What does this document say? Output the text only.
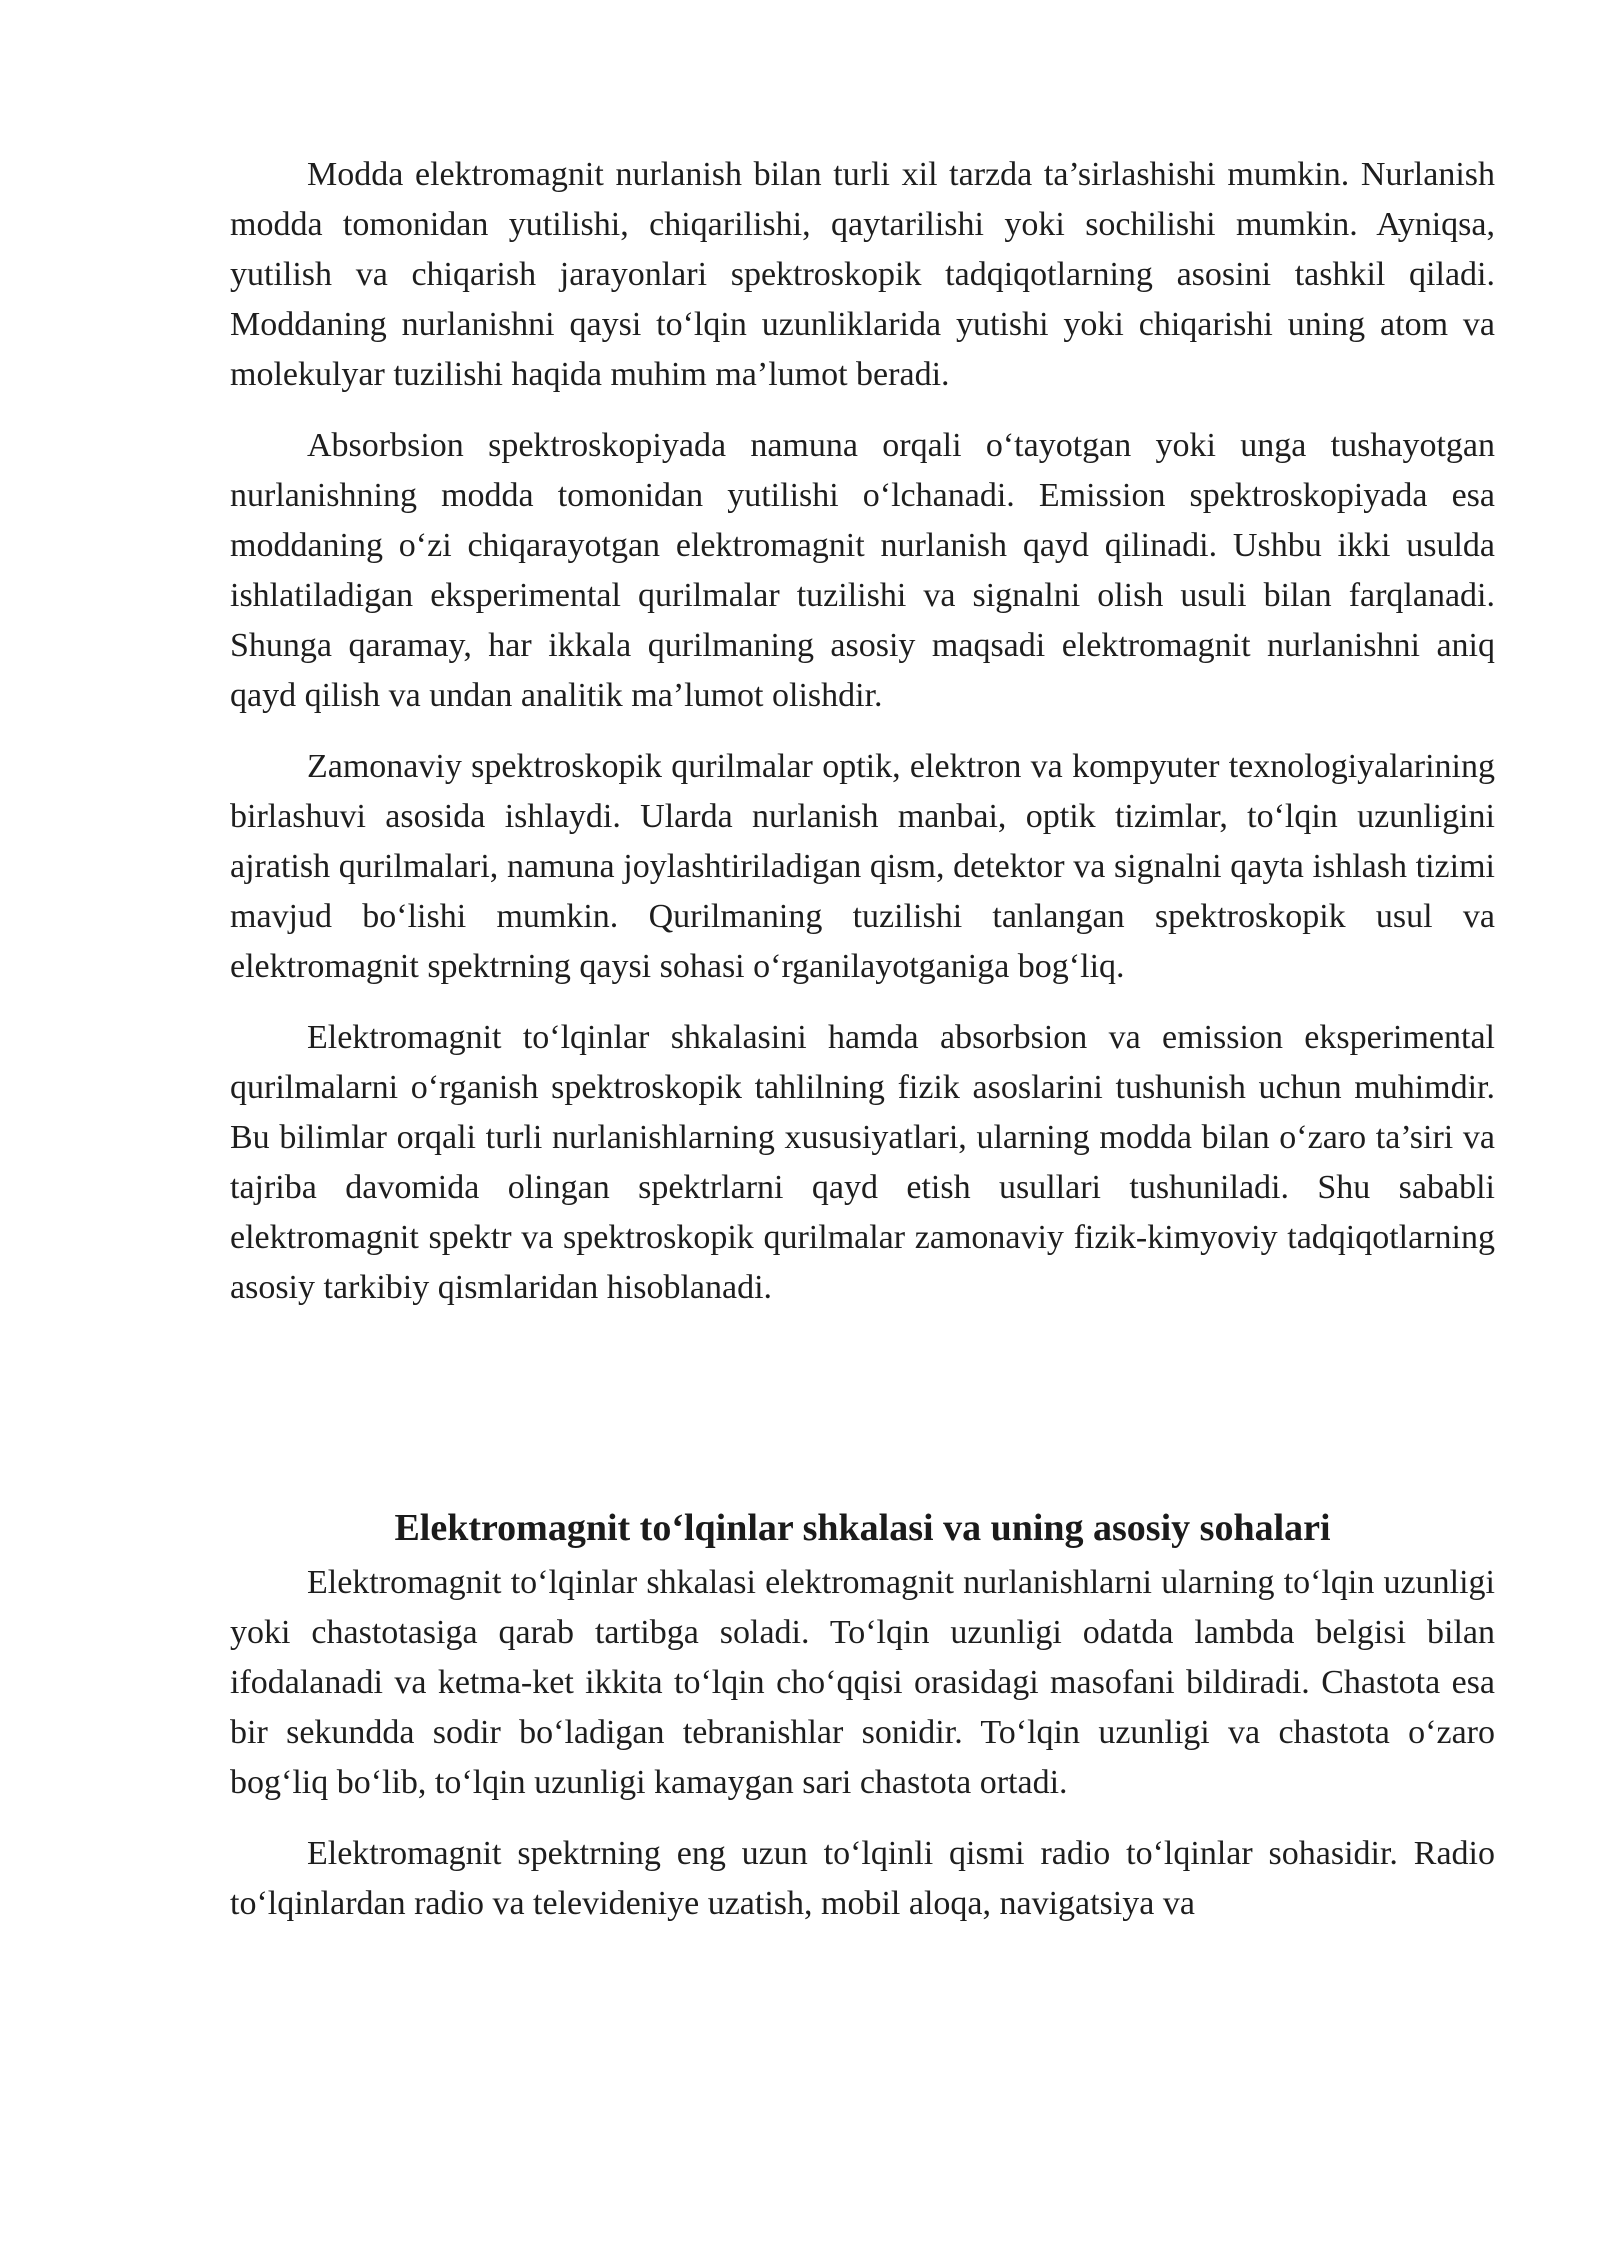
Modda elektromagnit nurlanish bilan turli xil tarzda ta’sirlashishi mumkin. Nurlanish modda tomonidan yutilishi, chiqarilishi, qaytarilishi yoki sochilishi mumkin. Ayniqsa, yutilish va chiqarish jarayonlari spektroskopik tadqiqotlarning asosini tashkil qiladi. Moddaning nurlanishni qaysi to‘lqin uzunliklarida yutishi yoki chiqarishi uning atom va molekulyar tuzilishi haqida muhim ma’lumot beradi.

Absorbsion spektroskopiyada namuna orqali o‘tayotgan yoki unga tushayotgan nurlanishning modda tomonidan yutilishi o‘lchanadi. Emission spektroskopiyada esa moddaning o‘zi chiqarayotgan elektromagnit nurlanish qayd qilinadi. Ushbu ikki usulda ishlatiladigan eksperimental qurilmalar tuzilishi va signalni olish usuli bilan farqlanadi. Shunga qaramay, har ikkala qurilmaning asosiy maqsadi elektromagnit nurlanishni aniq qayd qilish va undan analitik ma’lumot olishdir.

Zamonaviy spektroskopik qurilmalar optik, elektron va kompyuter texnologiyalarining birlashuvi asosida ishlaydi. Ularda nurlanish manbai, optik tizimlar, to‘lqin uzunligini ajratish qurilmalari, namuna joylashtiriladigan qism, detektor va signalni qayta ishlash tizimi mavjud bo‘lishi mumkin. Qurilmaning tuzilishi tanlangan spektroskopik usul va elektromagnit spektrning qaysi sohasi o‘rganilayotganiga bog‘liq.

Elektromagnit to‘lqinlar shkalasini hamda absorbsion va emission eksperimental qurilmalarni o‘rganish spektroskopik tahlilning fizik asoslarini tushunish uchun muhimdir. Bu bilimlar orqali turli nurlanishlarning xususiyatlari, ularning modda bilan o‘zaro ta’siri va tajriba davomida olingan spektrlarni qayd etish usullari tushuniladi. Shu sababli elektromagnit spektr va spektroskopik qurilmalar zamonaviy fizik-kimyoviy tadqiqotlarning asosiy tarkibiy qismlaridan hisoblanadi.

Elektromagnit to‘lqinlar shkalasi va uning asosiy sohalari

Elektromagnit to‘lqinlar shkalasi elektromagnit nurlanishlarni ularning to‘lqin uzunligi yoki chastotasiga qarab tartibga soladi. To‘lqin uzunligi odatda lambda belgisi bilan ifodalanadi va ketma-ket ikkita to‘lqin cho‘qqisi orasidagi masofani bildiradi. Chastota esa bir sekundda sodir bo‘ladigan tebranishlar sonidir. To‘lqin uzunligi va chastota o‘zaro bog‘liq bo‘lib, to‘lqin uzunligi kamaygan sari chastota ortadi.

Elektromagnit spektrning eng uzun to‘lqinli qismi radio to‘lqinlar sohasidir. Radio to‘lqinlardan radio va televideniye uzatish, mobil aloqa, navigatsiya va
